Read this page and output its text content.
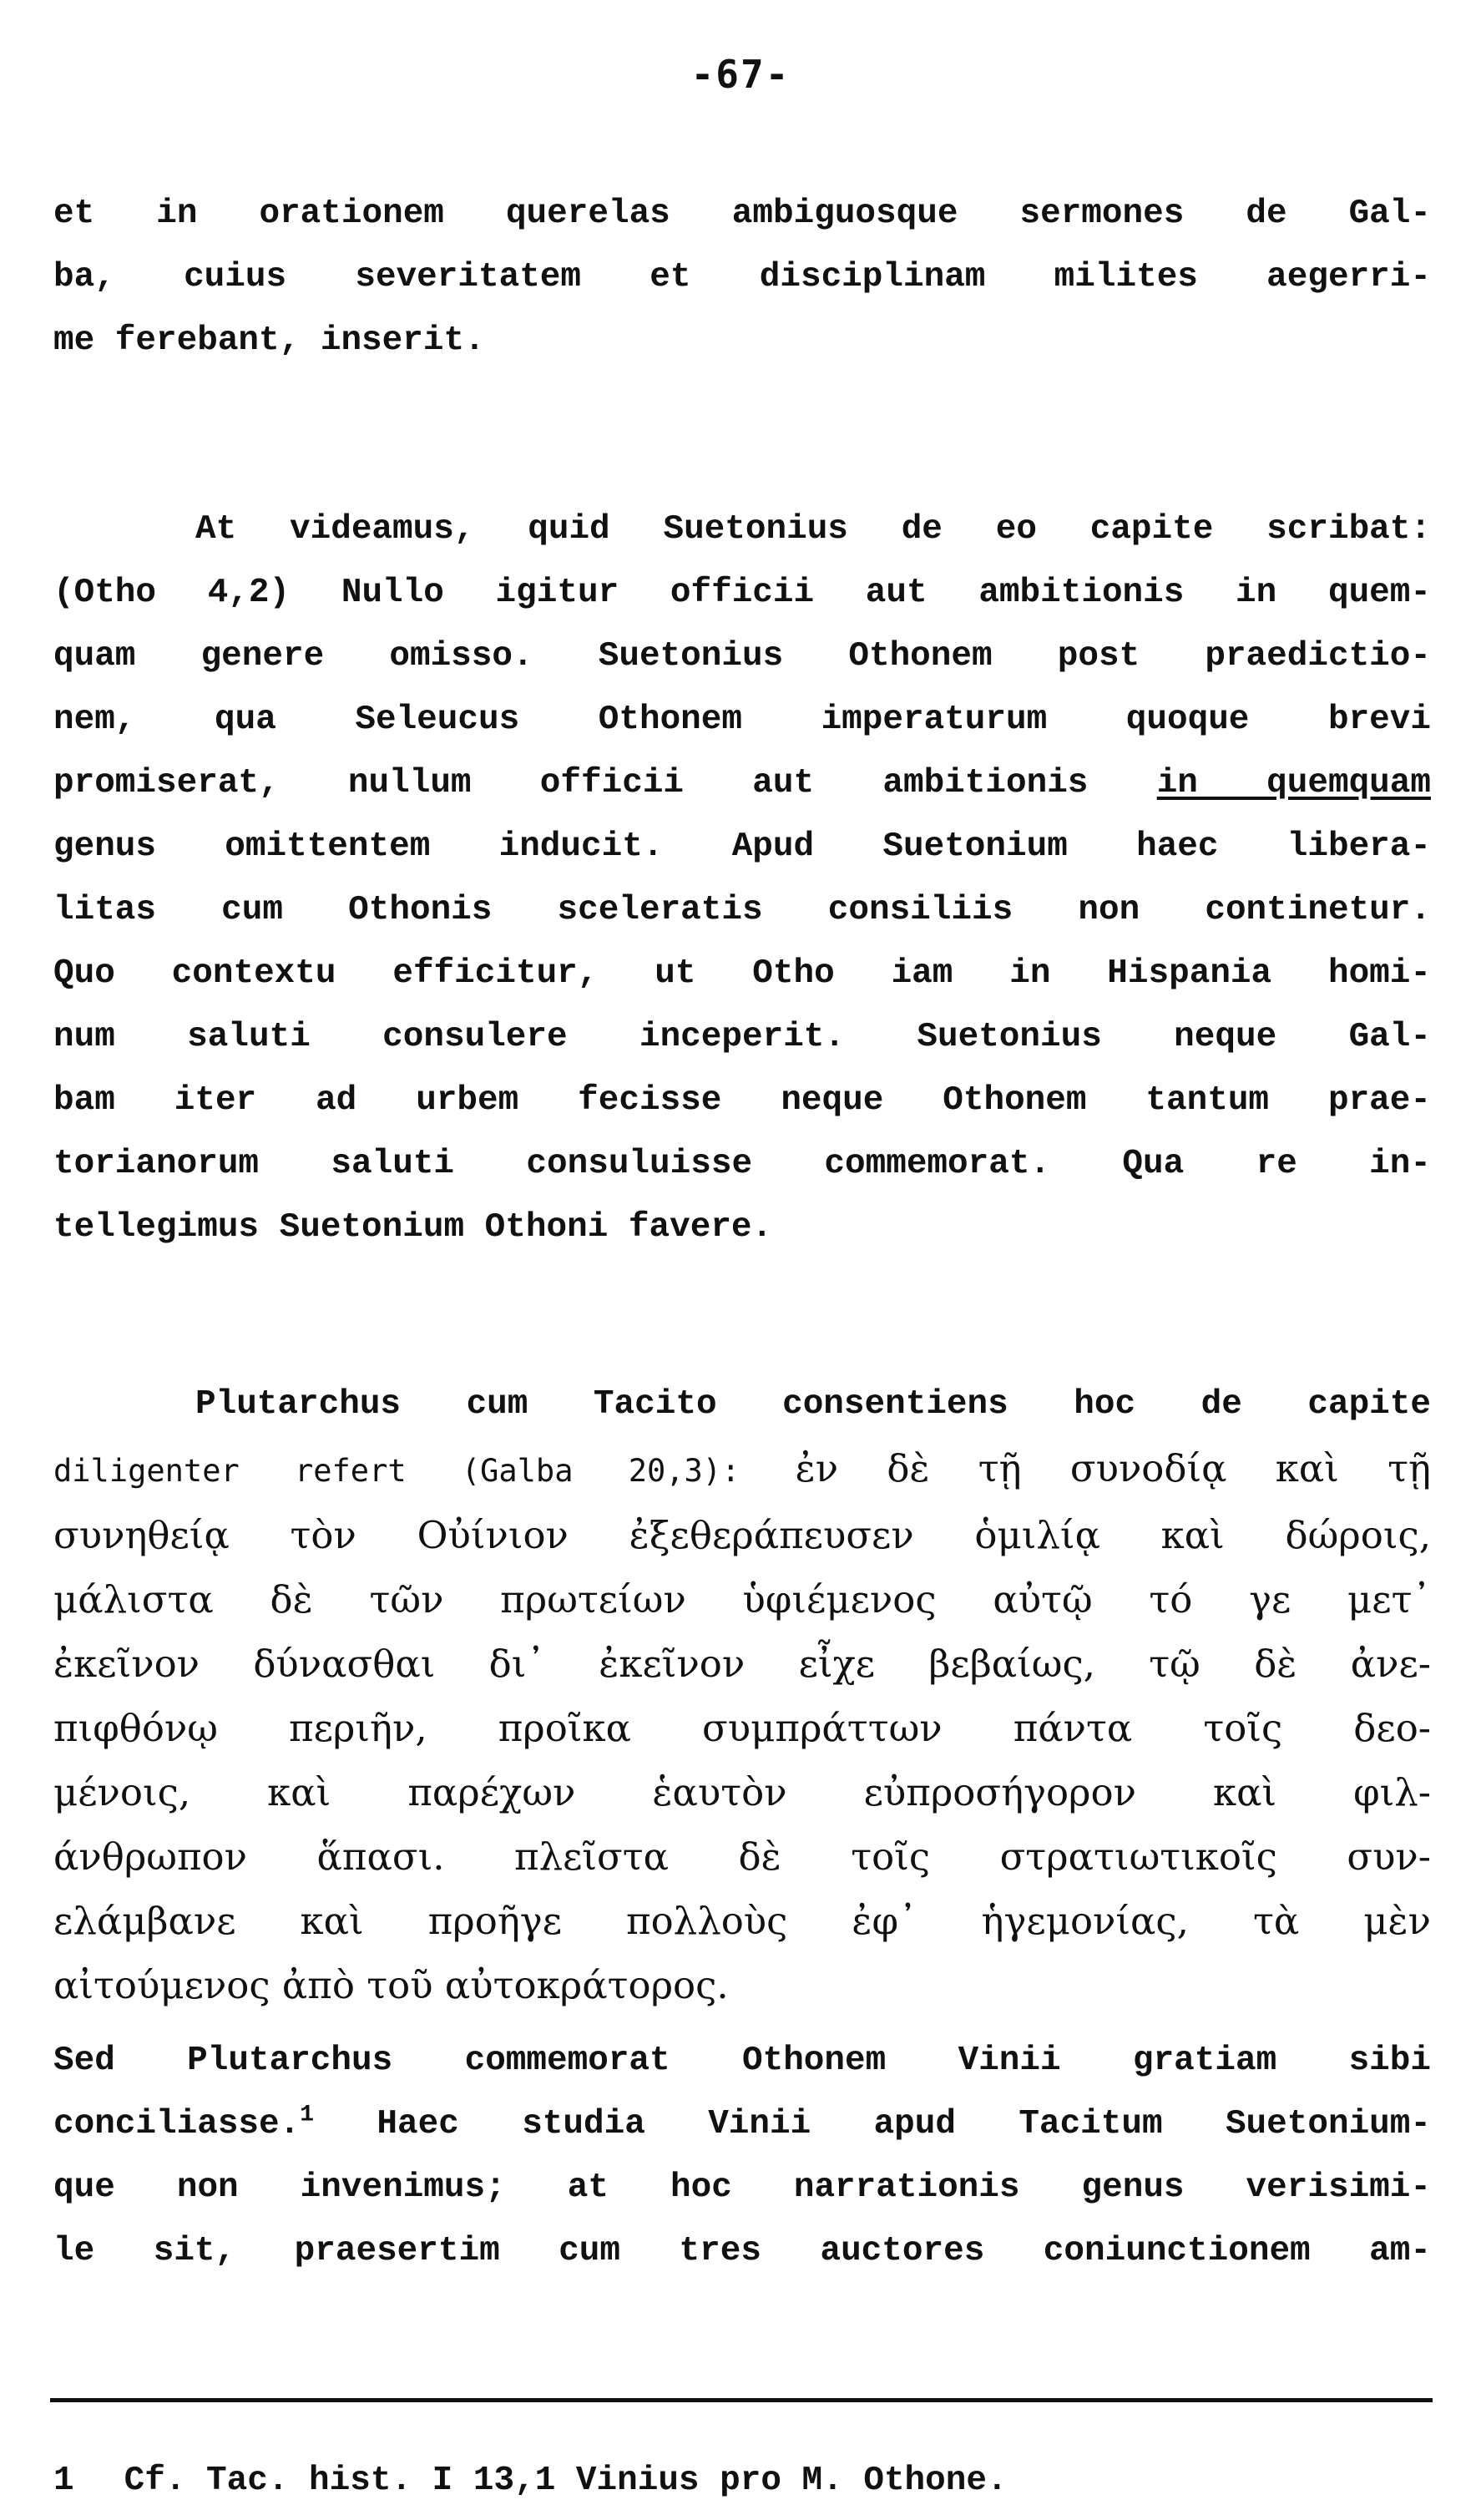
-67-
et in orationem querelas ambiguosque sermones de Gal-
ba, cuius severitatem et disciplinam milites aegerri-
me ferebant, inserit.
At videamus, quid Suetonius de eo capite scribat:
(Otho 4,2) Nullo igitur officii aut ambitionis in quem-
quam genere omisso. Suetonius Othonem post praedictio-
nem, qua Seleucus Othonem imperaturum quoque brevi
promiserat, nullum officii aut ambitionis in quemquam
genus omittentem inducit. Apud Suetonium haec libera-
litas cum Othonis sceleratis consiliis non continetur.
Quo contextu efficitur, ut Otho iam in Hispania homi-
num saluti consulere inceperit. Suetonius neque Gal-
bam iter ad urbem fecisse neque Othonem tantum prae-
torianorum saluti consuluisse commemorat. Qua re in-
tellegimus Suetonium Othoni favere.
Plutarchus cum Tacito consentiens hoc de capite
diligenter refert (Galba 20,3): ἐν δὲ τῇ συνοδίᾳ καὶ τῇ
συνηθείᾳ τὸν Οὐίνιον ἐξεθεράπευσεν ὁμιλίᾳ καὶ δώροις,
μάλιστα δὲ τῶν πρωτείων ὑφιέμενος αὐτῷ τό γε μετ᾽
ἐκεῖνον δύνασθαι δι᾽ ἐκεῖνον εἶχε βεβαίως, τῷ δὲ ἀνε-
πιφθόνῳ περιῆν, προῖκα συμπράττων πάντα τοῖς δεο-
μένοις, καὶ παρέχων ἑαυτὸν εὐπροσήγορον καὶ φιλ-
άνθρωπον ἅπασι. πλεῖστα δὲ τοῖς στρατιωτικοῖς συν-
ελάμβανε καὶ προῆγε πολλοὺς ἐφ᾽ ἡγεμονίας, τὰ μὲν
αἰτούμενος ἀπὸ τοῦ αὐτοκράτορος.
Sed Plutarchus commemorat Othonem Vinii gratiam sibi
conciliasse.$^1$ Haec studia Vinii apud Tacitum Suetonium-
que non invenimus; at hoc narrationis genus verisimi-
le sit, praesertim cum tres auctores coniunctionem am-
1 Cf. Tac. hist. I 13,1 Vinius pro M. Othone.
